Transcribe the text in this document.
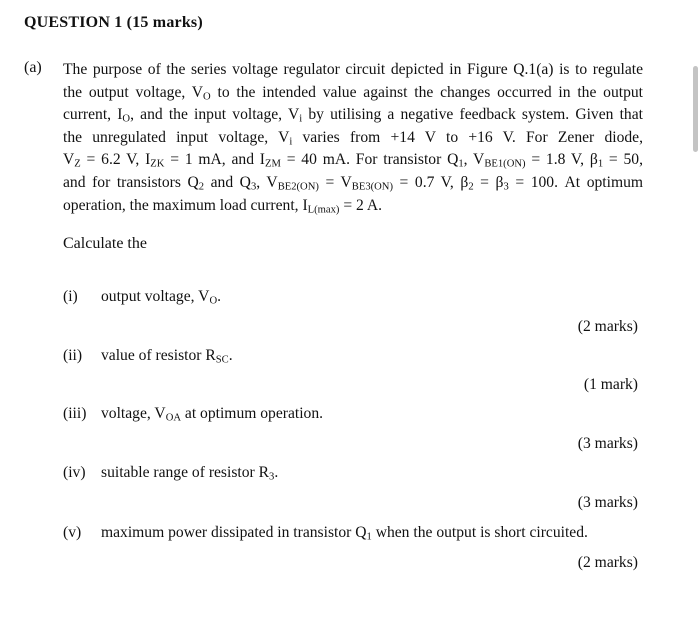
QUESTION 1 (15 marks)
(a) The purpose of the series voltage regulator circuit depicted in Figure Q.1(a) is to regulate
the output voltage, $V_O$ to the intended value against the changes occurred in the output
current, $I_O$, and the input voltage, $V_i$ by utilising a negative feedback system. Given that
the unregulated input voltage, $V_i$ varies from +14 V to +16 V. For Zener diode,
$V_Z = 6.2$ V, $I_{ZK} = 1$ mA, and $I_{ZM} = 40$ mA. For transistor $Q_1$, $V_{BE1(ON)} = 1.8$ V, $\beta_1 = 50$,
and for transistors $Q_2$ and $Q_3$, $V_{BE2(ON)} = V_{BE3(ON)} = 0.7$ V, $\beta_2 = \beta_3 = 100$. At optimum
operation, the maximum load current, $I_{L(max)} = 2$ A.
Calculate the
(i) output voltage, $V_O$.
(2 marks)
(ii) value of resistor $R_{SC}$.
(1 mark)
(iii) voltage, $V_{OA}$ at optimum operation.
(3 marks)
(iv) suitable range of resistor $R_3$.
(3 marks)
(v) maximum power dissipated in transistor $Q_1$ when the output is short circuited.
(2 marks)
